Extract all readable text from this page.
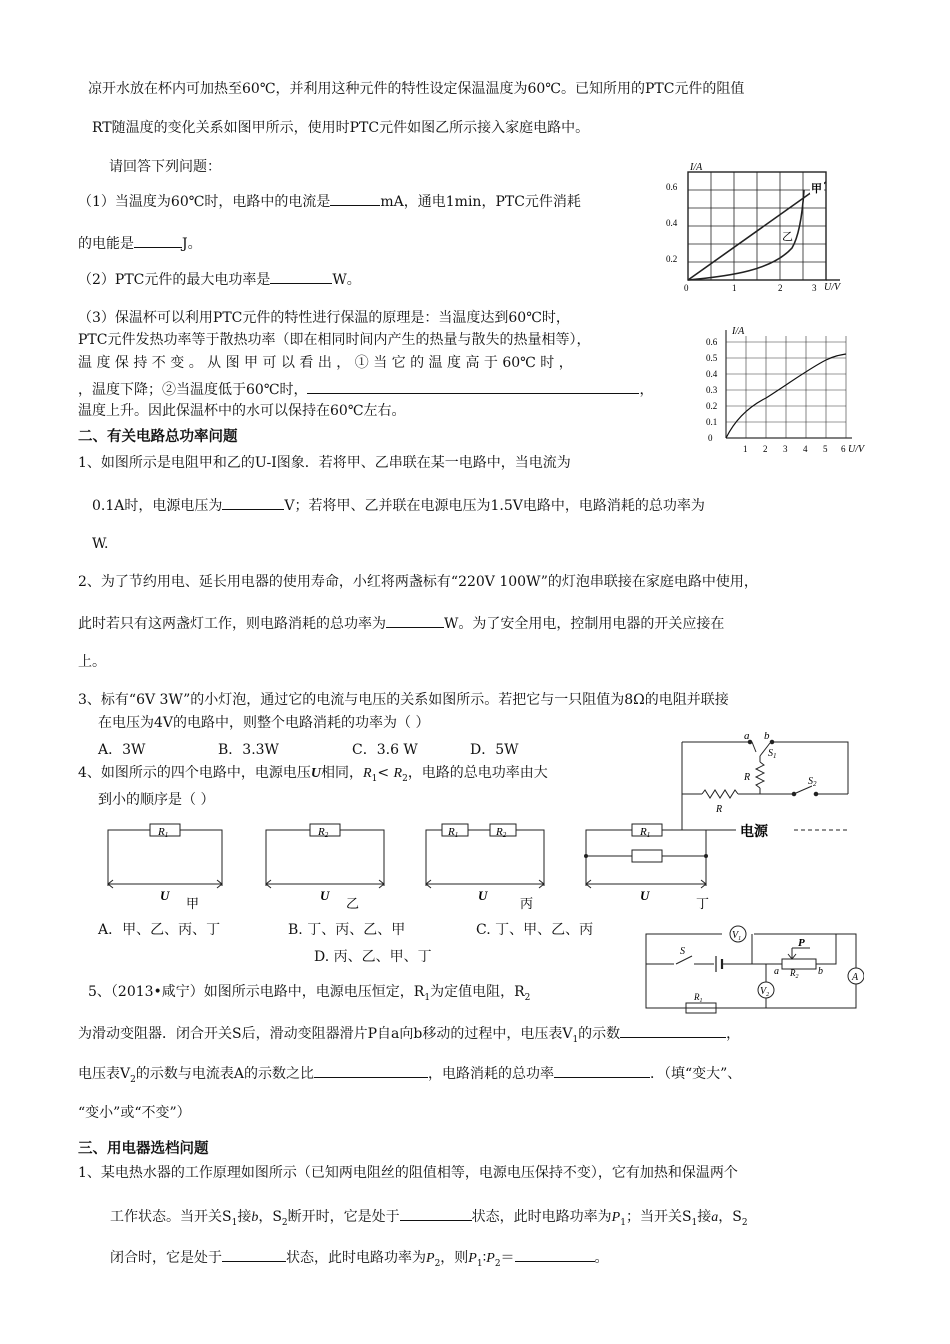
凉开水放在杯内可加热至60℃，并利用这种元件的特性设定保温温度为60℃。已知所用的PTC元件的阻值
RT随温度的变化关系如图甲所示，使用时PTC元件如图乙所示接入家庭电路中。
请回答下列问题：
（1）当温度为60℃时，电路中的电流是	mA，通电1min，PTC元件消耗
的电能是	J。
（2）PTC元件的最大电功率是	W。
（3）保温杯可以利用PTC元件的特性进行保温的原理是：当温度达到60℃时，
PTC元件发热功率等于散热功率（即在相同时间内产生的热量与散失的热量相等），
温 度 保 持 不 变 。 从 图 甲 可 以 看 出 ， ① 当 它 的 温 度 高 于 60℃ 时 ，
，温度下降；②当温度低于60℃时，	，
温度上升。因此保温杯中的水可以保持在60℃左右。
二、有关电路总功率问题
1、如图所示是电阻甲和乙的U-I图象．若将甲、乙串联在某一电路中，当电流为
0.1A时，电源电压为	V；若将甲、乙并联在电源电压为1.5V电路中，电路消耗的总功率为
W.
2、为了节约用电、延长用电器的使用寿命，小红将两盏标有“220V 100W”的灯泡串联接在家庭电路中使用，
此时若只有这两盏灯工作，则电路消耗的总功率为	W。为了安全用电，控制用电器的开关应接在
上。
3、标有“6V 3W”的小灯泡，通过它的电流与电压的关系如图所示。若把它与一只阻值为8Ω的电阻并联接
在电压为4V的电路中，则整个电路消耗的功率为（ ）
A．3W	B．3.3W	C．3.6 W	D．5W
4、如图所示的四个电路中，电源电压U相同，$R_1< R_2$，电路的总电功率由大
到小的顺序是（ ）
A．甲、乙、丙、丁	B. 丁、丙、乙、甲	C. 丁、甲、乙、丙
D. 丙、乙、甲、丁
5、（2013•咸宁）如图所示电路中，电源电压恒定，$R_1$为定值电阻，$R_2$
为滑动变阻器．闭合开关S后，滑动变阻器滑片P自a向b移动的过程中，电压表$V_1$的示数	，
电压表$V_2$的示数与电流表A的示数之比	，电路消耗的总功率	．（填“变大”、
“变小”或“不变”）
三、用电器选档问题
1、某电热水器的工作原理如图所示（已知两电阻丝的阻值相等，电源电压保持不变），它有加热和保温两个
工作状态。当开关$S_1$接b，$S_2$断开时，它是处于	状态，此时电路功率为$P_1$；当开关$S_1$接a，$S_2$
闭合时，它是处于	状态，此时电路功率为$P_2$，则$P_1∶P_2=$	。
甲
乙
I/A
U/V
0.6
0.4
0.2
0	1	2	3
I/A
U/V
0.6
0.5
0.4
0.3
0.2
0.1
0
1 2 3 4 5 6
a b
$S_1$
R
R
$S_2$
电源
R1	R2	R1	R2	R1
U	U	U	U
甲	乙	丙	丁
$V_1$
$V_2$
A
P
S
a	b
$R_2$
$R_1$
